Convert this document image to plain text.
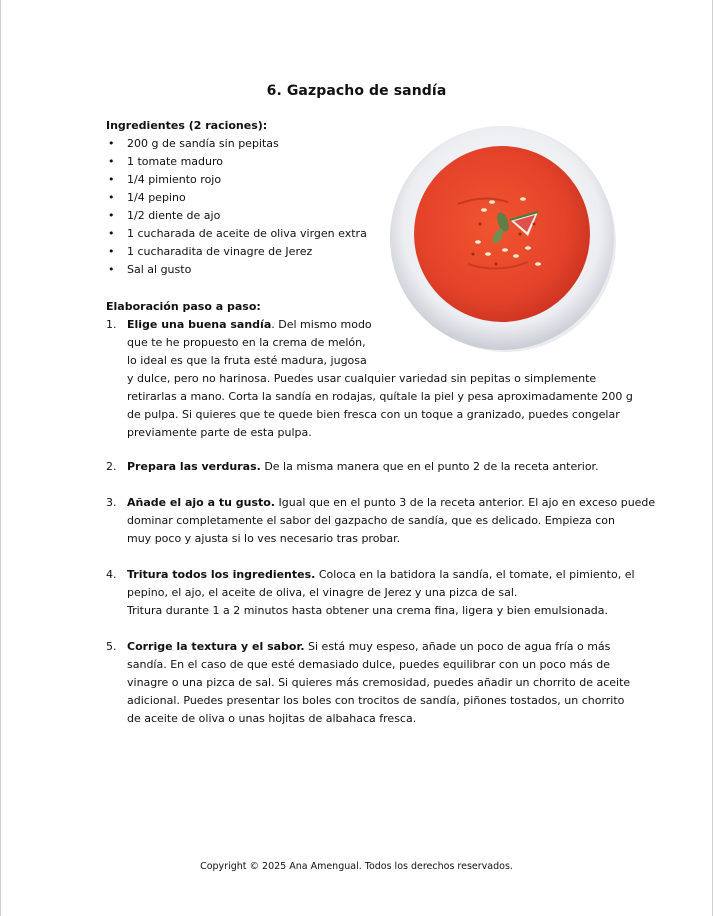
6. Gazpacho de sandía
Ingredientes (2 raciones):
• 200 g de sandía sin pepitas
• 1 tomate maduro
• 1/4 pimiento rojo
• 1/4 pepino
• 1/2 diente de ajo
• 1 cucharada de aceite de oliva virgen extra
• 1 cucharadita de vinagre de Jerez
• Sal al gusto
Elaboración paso a paso:
1. Elige una buena sandía. Del mismo modo
que te he propuesto en la crema de melón,
lo ideal es que la fruta esté madura, jugosa
y dulce, pero no harinosa. Puedes usar cualquier variedad sin pepitas o simplemente
retirarlas a mano. Corta la sandía en rodajas, quítale la piel y pesa aproximadamente 200 g
de pulpa. Si quieres que te quede bien fresca con un toque a granizado, puedes congelar
previamente parte de esta pulpa.
2. Prepara las verduras. De la misma manera que en el punto 2 de la receta anterior.
3. Añade el ajo a tu gusto. Igual que en el punto 3 de la receta anterior. El ajo en exceso puede
dominar completamente el sabor del gazpacho de sandía, que es delicado. Empieza con
muy poco y ajusta si lo ves necesario tras probar.
4. Tritura todos los ingredientes. Coloca en la batidora la sandía, el tomate, el pimiento, el
pepino, el ajo, el aceite de oliva, el vinagre de Jerez y una pizca de sal.
Tritura durante 1 a 2 minutos hasta obtener una crema fina, ligera y bien emulsionada.
5. Corrige la textura y el sabor. Si está muy espeso, añade un poco de agua fría o más
sandía. En el caso de que esté demasiado dulce, puedes equilibrar con un poco más de
vinagre o una pizca de sal. Si quieres más cremosidad, puedes añadir un chorrito de aceite
adicional. Puedes presentar los boles con trocitos de sandía, piñones tostados, un chorrito
de aceite de oliva o unas hojitas de albahaca fresca.
Copyright © 2025 Ana Amengual. Todos los derechos reservados.
